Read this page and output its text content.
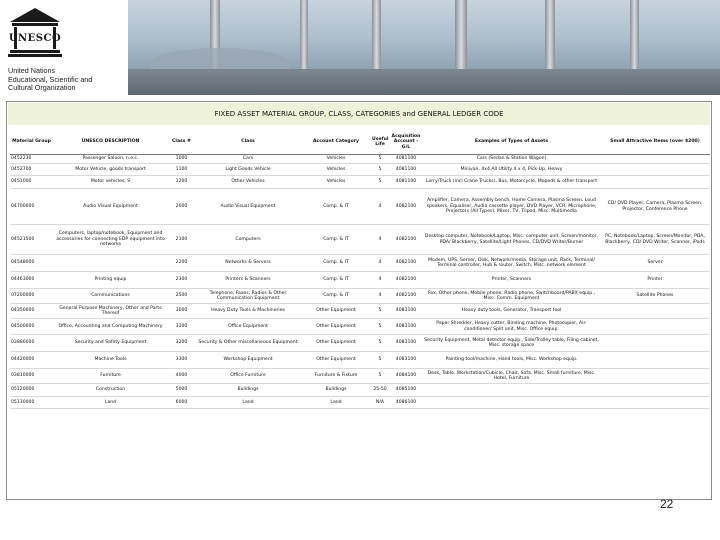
UNESCO
United Nations
Educational, Scientific and
Cultural Organization
FIXED ASSET MATERIAL GROUP, CLASS, CATEGORIES and GENERAL LEDGER CODE
Material Group	UNESCO DESCRIPTION	Class #	Class	Account Category	Useful Life	Acquisition Account - G/L	Examples of Types of Assets	Small Attractive Items (over $200)
0452230	Passenger Saloon, n.e.c.	1000	Cars	Vehicles	5	4081100	Cars (Sedan & Station Wagon)	
0452700	Motor Vehicle, goods transport	1100	Light Goods Vehicle	Vehicles	5	4081100	Minivan, 4x4 All Utility 4 x 4, Pick-Up, Heavy	
0451000	Motor vehicles, S	1200	Other Vehicles	Vehicles	5	4081100	Lorry/Truck (incl Crane Trucks), Bus, Motorcycle, Mopeds & other transport	
04700000	Audio Visual Equipment	2000	Audio Visual Equipment	Comp. & IT	4	4082100	Amplifier, Camera, Assembly bench, Home Camera, Plasma Screen, Loud speakers, Equaliser, Audio cassette player, DVD Player, VCR, Microphone, Projectors (All Types), Mixer, TV, Tripod, Misc. Multimedia	CD/ DVD Player, Camera, Plasma Screen, Projector, Conference Phone
04521500	Computers, laptop/notebook, Equipment and accessories for connecting EDP equipment into networks	2100	Computers	Comp. & IT	4	4082100	Desktop computer, Notebook/Laptop, Misc. computer unit, Screen/monitor, PDA/ Blackberry, Satellite/Light Phones, CD/DVD Writer/Burner	PC, Notebook/Laptop, Screen/Monitor, PDA, Blackberry, CD/ DVD Writer, Scanner, iPods
04548000		2200	Networks & Servers	Comp. & IT	4	4082100	Modem, UPS, Server, Disk, Network/media, Storage unit, Rack, Terminal/ Terminal controller, Hub & router, Switch, Misc. network element	Server
04463000	Printing equip	2300	Printers & Scanners	Comp. & IT	4	4082100	Printer, Scanners	Printer
07200000	Communications	2500	Telephone, Faxes, Radios & Other Communication Equipment	Comp. & IT	4	4082100	Fax, Other phone, Mobile phone, Radio phone, Switchboard/PABX equip., Misc. Comm. Equipment	Satellite Phones
04350000	General Purpose Machinery, Other and Parts Thereof	3000	Heavy Duty Tools & Machineries	Other Equipment	5	4083100	Heavy duty tools, Generator, Transport tool	
04500000	Office, Accounting and Computing Machinery	3100	Office Equipment	Other Equipment	5	4083100	Paper Shredder, Heavy cutter, Binding machine, Photocopier, Air-conditioner/ Split unit, Misc. Office equip.	
03886000	Security and Safety Equipment	3200	Security & Other miscellaneous Equipment	Other Equipment	5	4083100	Security Equipment, Metal detector equip., Side/Trolley table, Filing cabinet, Misc. storage space	
04420000	Machine Tools	3300	Workshop Equipment	Other Equipment	5	4083100	Painting tool/machine, Hand tools, Misc. Workshop equip.	
03810000	Furniture	4000	Office Furniture	Furniture & Fixture	5	4084100	Desk, Table, Workstation/Cubicle, Chair, Sofa, Misc. Small furniture, Misc. Hotel, Furniture	
05120000	Construction	5000	Buildings	Buildings	25-50	4085100		
05130000	Land	6000	Land	Land	N/A	4086100		
22
